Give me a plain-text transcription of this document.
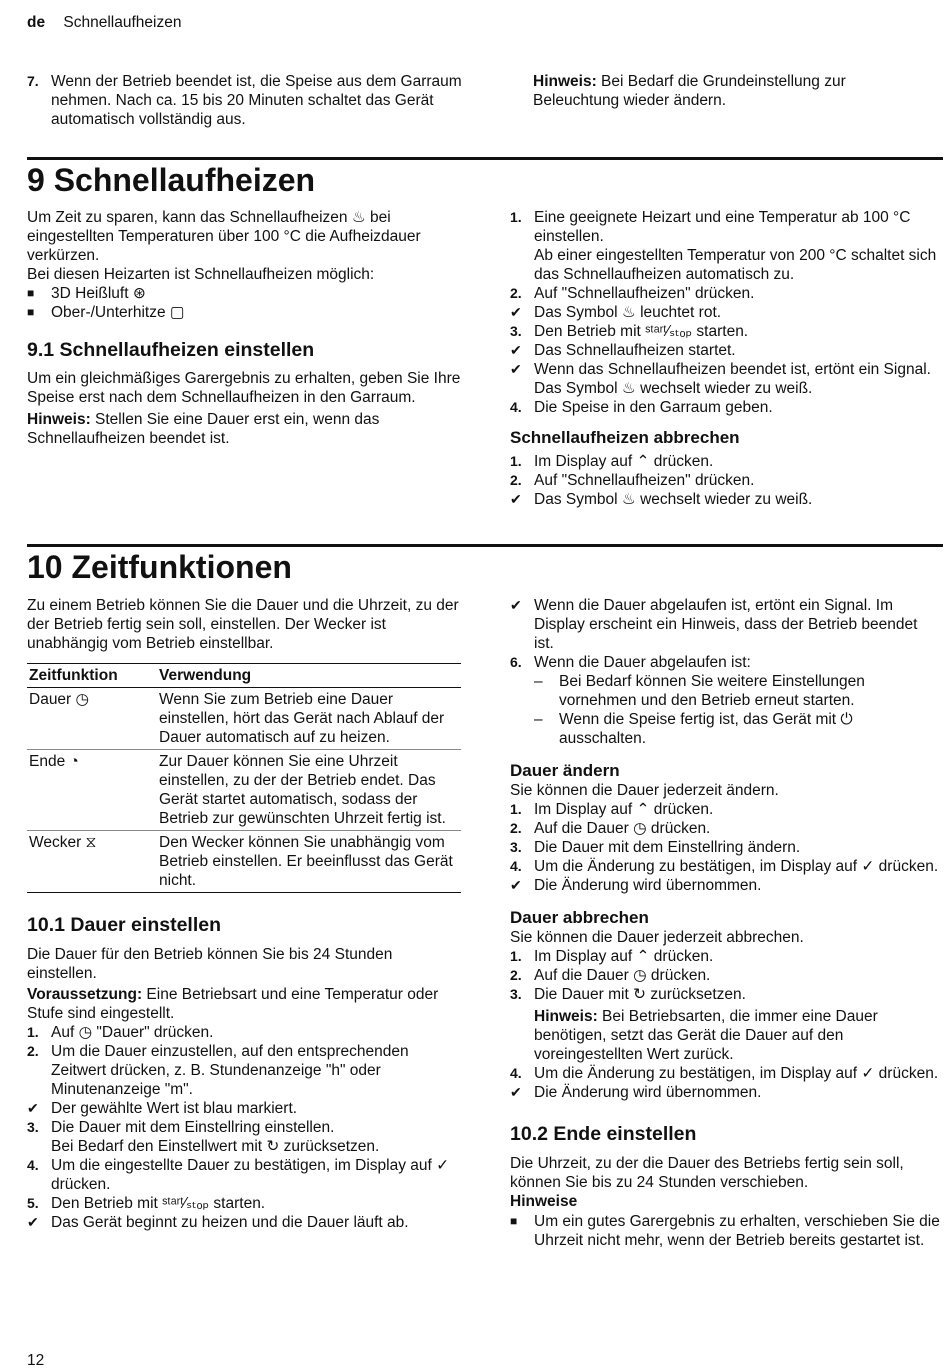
de Schnellaufheizen
7. Wenn der Betrieb beendet ist, die Speise aus dem Garraum nehmen. Nach ca. 15 bis 20 Minuten schaltet das Gerät automatisch vollständig aus.

Hinweis: Bei Bedarf die Grundeinstellung zur Beleuchtung wieder ändern.

9 Schnellaufheizen

Um Zeit zu sparen, kann das Schnellaufheizen ♨ bei eingestellten Temperaturen über 100 °C die Aufheizdauer verkürzen.

Bei diesen Heizarten ist Schnellaufheizen möglich:

■	3D Heißluft ⊛
■	Ober-/Unterhitze ▢
9.1 Schnellaufheizen einstellen

Um ein gleichmäßiges Garergebnis zu erhalten, geben Sie Ihre Speise erst nach dem Schnellaufheizen in den Garraum.

Hinweis: Stellen Sie eine Dauer erst ein, wenn das Schnellaufheizen beendet ist.

1. Eine geeignete Heizart und eine Temperatur ab 100 °C einstellen.
Ab einer eingestellten Temperatur von 200 °C schaltet sich das Schnellaufheizen automatisch zu.
2. Auf "Schnellaufheizen" drücken.
✔ Das Symbol ♨ leuchtet rot.
3. Den Betrieb mit ˢᵗᵃʳᵗ⁄ₛₜₒₚ starten.
✔ Das Schnellaufheizen startet.
✔ Wenn das Schnellaufheizen beendet ist, ertönt ein Signal. Das Symbol ♨ wechselt wieder zu weiß.
4. Die Speise in den Garraum geben.
Schnellaufheizen abbrechen
1. Im Display auf ⌃ drücken.
2. Auf "Schnellaufheizen" drücken.
✔ Das Symbol ♨ wechselt wieder zu weiß.
10 Zeitfunktionen

Zu einem Betrieb können Sie die Dauer und die Uhrzeit, zu der der Betrieb fertig sein soll, einstellen. Der Wecker ist unabhängig vom Betrieb einstellbar.

Zeitfunktion	Verwendung
Dauer ◷	Wenn Sie zum Betrieb eine Dauer einstellen, hört das Gerät nach Ablauf der Dauer automatisch auf zu heizen.
Ende ◔	Zur Dauer können Sie eine Uhrzeit einstellen, zu der der Betrieb endet. Das Gerät startet automatisch, sodass der Betrieb zur gewünschten Uhrzeit fertig ist.
Wecker ⧖	Den Wecker können Sie unabhängig vom Betrieb einstellen. Er beeinflusst das Gerät nicht.
10.1 Dauer einstellen

Die Dauer für den Betrieb können Sie bis 24 Stunden einstellen.

Voraussetzung: Eine Betriebsart und eine Temperatur oder Stufe sind eingestellt.

1. Auf ◷ "Dauer" drücken.
2. Um die Dauer einzustellen, auf den entsprechenden Zeitwert drücken, z. B. Stundenanzeige "h" oder Minutenanzeige "m".
✔ Der gewählte Wert ist blau markiert.
3. Die Dauer mit dem Einstellring einstellen.
Bei Bedarf den Einstellwert mit ↻ zurücksetzen.
4. Um die eingestellte Dauer zu bestätigen, im Display auf ✓ drücken.
5. Den Betrieb mit ˢᵗᵃʳᵗ⁄ₛₜₒₚ starten.
✔ Das Gerät beginnt zu heizen und die Dauer läuft ab.
✔ Wenn die Dauer abgelaufen ist, ertönt ein Signal. Im Display erscheint ein Hinweis, dass der Betrieb beendet ist.
6. Wenn die Dauer abgelaufen ist:
–	Bei Bedarf können Sie weitere Einstellungen vornehmen und den Betrieb erneut starten.
–	Wenn die Speise fertig ist, das Gerät mit ⏻ ausschalten.
Dauer ändern

Sie können die Dauer jederzeit ändern.

1. Im Display auf ⌃ drücken.
2. Auf die Dauer ◷ drücken.
3. Die Dauer mit dem Einstellring ändern.
4. Um die Änderung zu bestätigen, im Display auf ✓ drücken.
✔ Die Änderung wird übernommen.
Dauer abbrechen

Sie können die Dauer jederzeit abbrechen.

1. Im Display auf ⌃ drücken.
2. Auf die Dauer ◷ drücken.
3. Die Dauer mit ↻ zurücksetzen.

Hinweis: Bei Betriebsarten, die immer eine Dauer benötigen, setzt das Gerät die Dauer auf den voreingestellten Wert zurück.

4. Um die Änderung zu bestätigen, im Display auf ✓ drücken.
✔ Die Änderung wird übernommen.
10.2 Ende einstellen

Die Uhrzeit, zu der die Dauer des Betriebs fertig sein soll, können Sie bis zu 24 Stunden verschieben.

Hinweise
■	Um ein gutes Garergebnis zu erhalten, verschieben Sie die Uhrzeit nicht mehr, wenn der Betrieb bereits gestartet ist.
12
